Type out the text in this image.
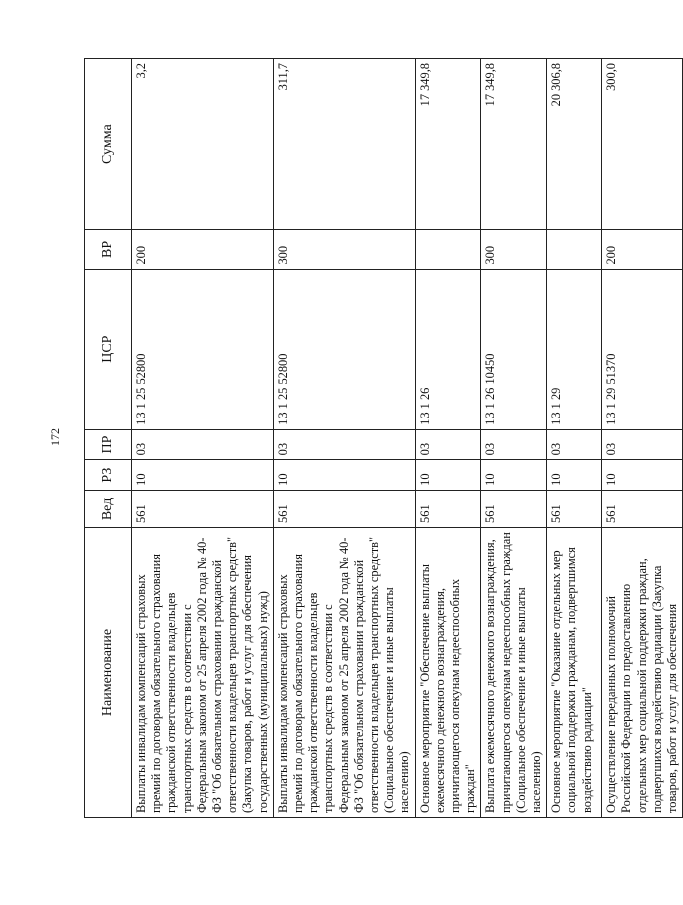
172
Наименование	Вед	РЗ	ПР	ЦСР	ВР	Сумма
Выплаты инвалидам компенсаций страховых премий по договорам обязательного страхования гражданской ответственности владельцев транспортных средств в соответствии с Федеральным законом от 25 апреля 2002 года № 40-ФЗ "Об обязательном страховании гражданской ответственности владельцев транспортных средств" (Закупка товаров, работ и услуг для обеспечения государственных (муниципальных) нужд)	561	10	03	13 1 25 52800	200	3,2
Выплаты инвалидам компенсаций страховых премий по договорам обязательного страхования гражданской ответственности владельцев транспортных средств в соответствии с Федеральным законом от 25 апреля 2002 года № 40-ФЗ "Об обязательном страховании гражданской ответственности владельцев транспортных средств" (Социальное обеспечение и иные выплаты населению)	561	10	03	13 1 25 52800	300	311,7
Основное мероприятие "Обеспечение выплаты ежемесячного денежного вознаграждения, причитающегося опекунам недееспособных граждан"	561	10	03	13 1 26		17 349,8
Выплата ежемесячного денежного вознаграждения, причитающегося опекунам недееспособных граждан (Социальное обеспечение и иные выплаты населению)	561	10	03	13 1 26 10450	300	17 349,8
Основное мероприятие "Оказание отдельных мер социальной поддержки гражданам, подвергшимся воздействию радиации"	561	10	03	13 1 29		20 306,8
Осуществление переданных полномочий Российской Федерации по предоставлению отдельных мер социальной поддержки граждан, подвергшихся воздействию радиации (Закупка товаров, работ и услуг для обеспечения	561	10	03	13 1 29 51370	200	300,0
